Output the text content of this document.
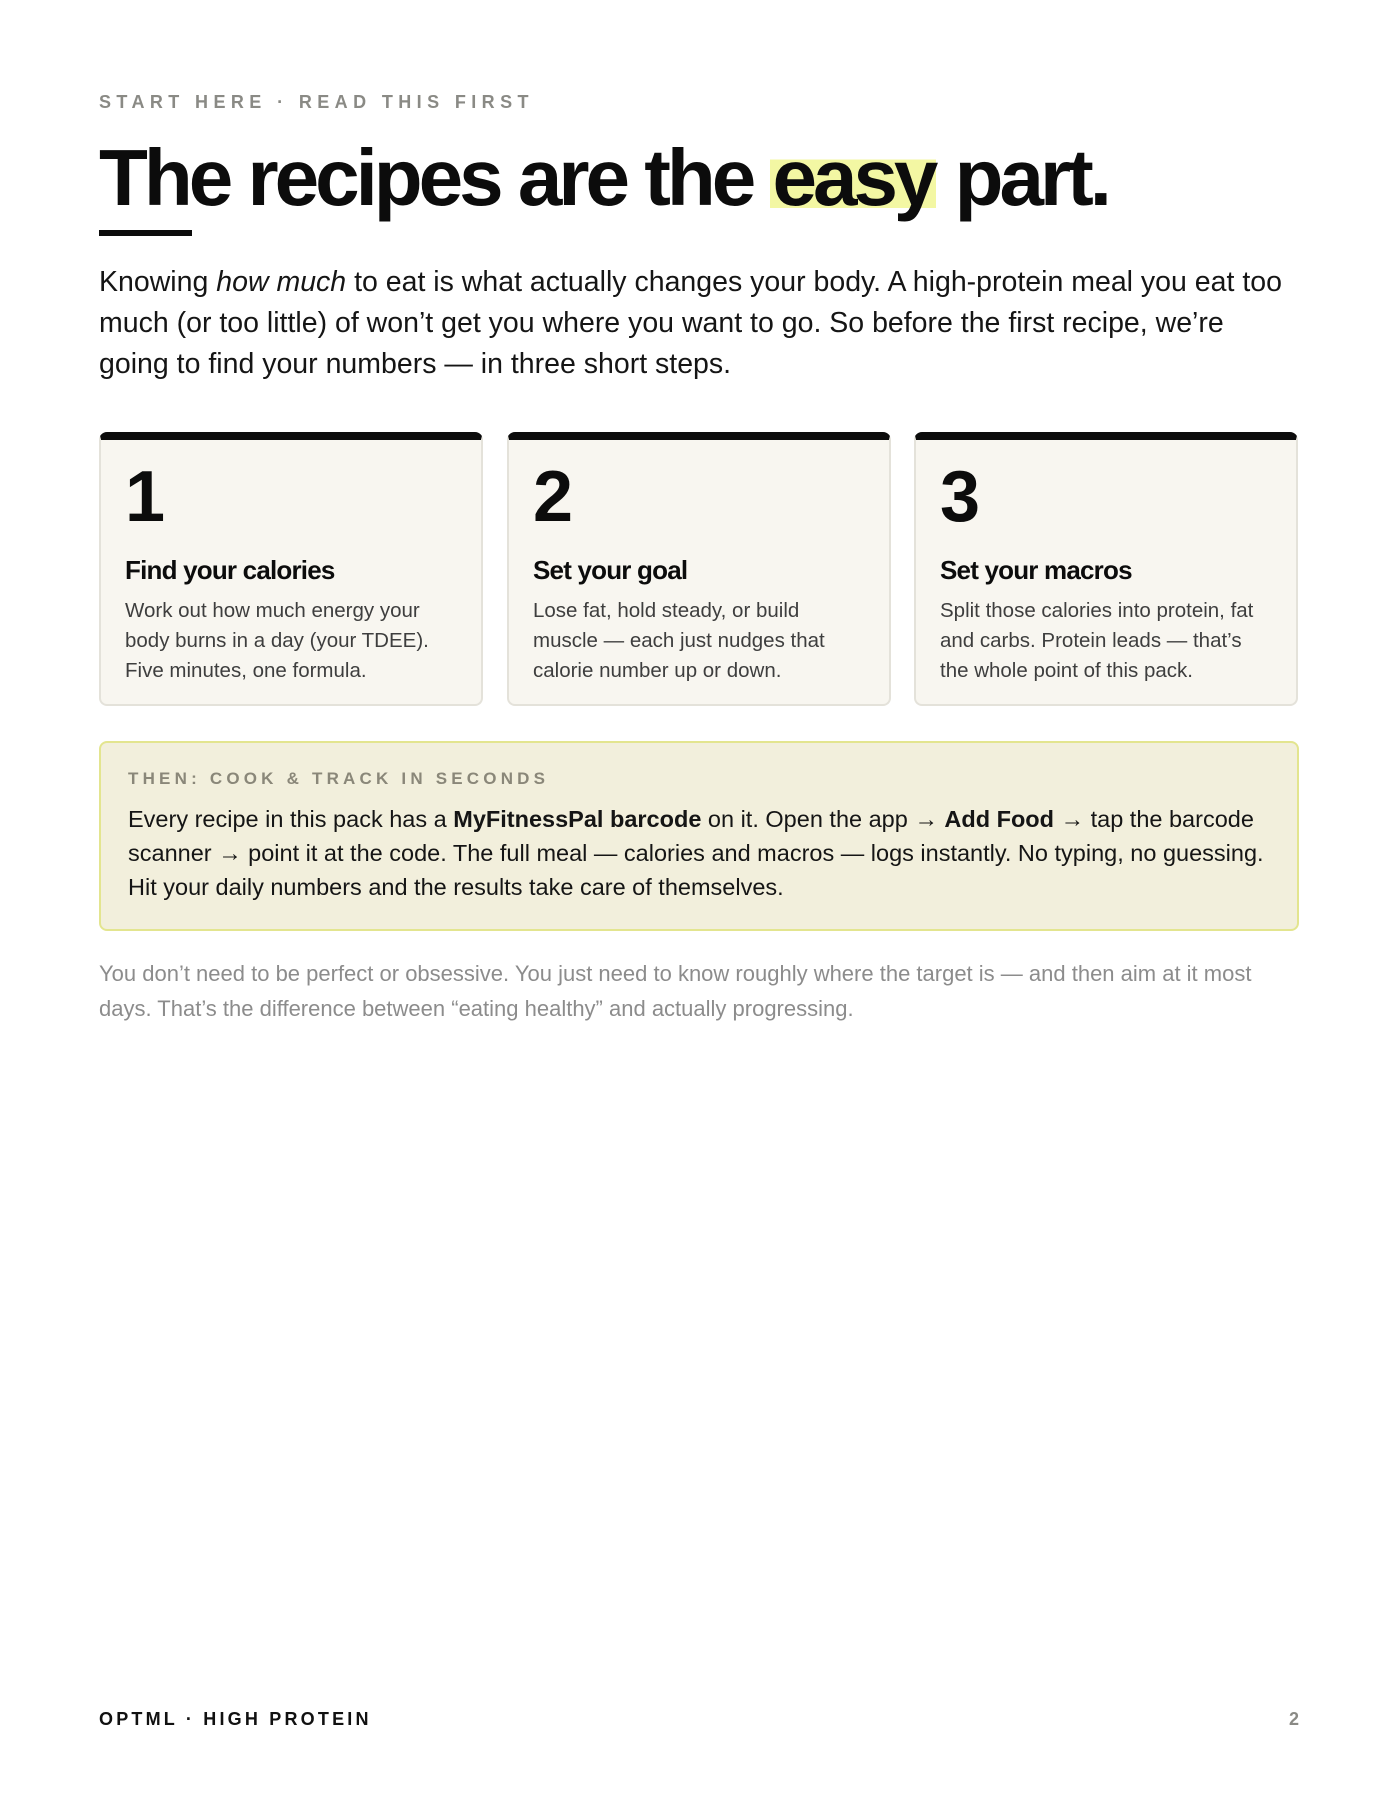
START HERE · READ THIS FIRST
The recipes are the easy part.

Knowing how much to eat is what actually changes your body. A high-protein meal you eat too much (or too little) of won’t get you where you want to go. So before the first recipe, we’re going to find your numbers — in three short steps.

1
Find your calories
Work out how much energy your body burns in a day (your TDEE). Five minutes, one formula.
2
Set your goal
Lose fat, hold steady, or build muscle — each just nudges that calorie number up or down.
3
Set your macros
Split those calories into protein, fat and carbs. Protein leads — that’s the whole point of this pack.
THEN: COOK & TRACK IN SECONDS
Every recipe in this pack has a MyFitnessPal barcode on it. Open the app → Add Food → tap the barcode scanner → point it at the code. The full meal — calories and macros — logs instantly. No typing, no guessing. Hit your daily numbers and the results take care of themselves.

You don’t need to be perfect or obsessive. You just need to know roughly where the target is — and then aim at it most days. That’s the difference between “eating healthy” and actually progressing.

OPTML · HIGH PROTEIN	2
